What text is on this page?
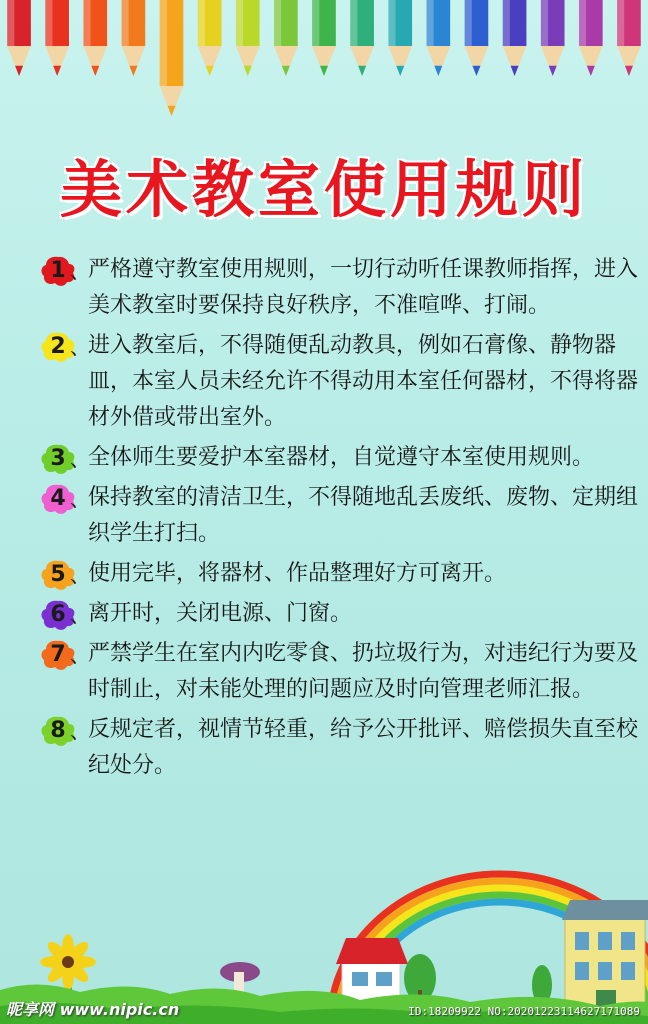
美术教室使用规则
1 、
严格遵守教室使用规则，一切行动听任课教师指挥，进入美术教室时要保持良好秩序，不准喧哗、打闹。
2 、
进入教室后，不得随便乱动教具，例如石膏像、静物器皿，本室人员未经允许不得动用本室任何器材，不得将器材外借或带出室外。
3 、
全体师生要爱护本室器材，自觉遵守本室使用规则。
4 、
保持教室的清洁卫生，不得随地乱丢废纸、废物、定期组织学生打扫。
5 、
使用完毕，将器材、作品整理好方可离开。
6 、
离开时，关闭电源、门窗。
7 、
严禁学生在室内内吃零食、扔垃圾行为，对违纪行为要及时制止，对未能处理的问题应及时向管理老师汇报。
8 、
反规定者，视情节轻重，给予公开批评、赔偿损失直至校纪处分。
昵享网 www.nipic.cn	ID:18209922 NO:20201223114627171089
